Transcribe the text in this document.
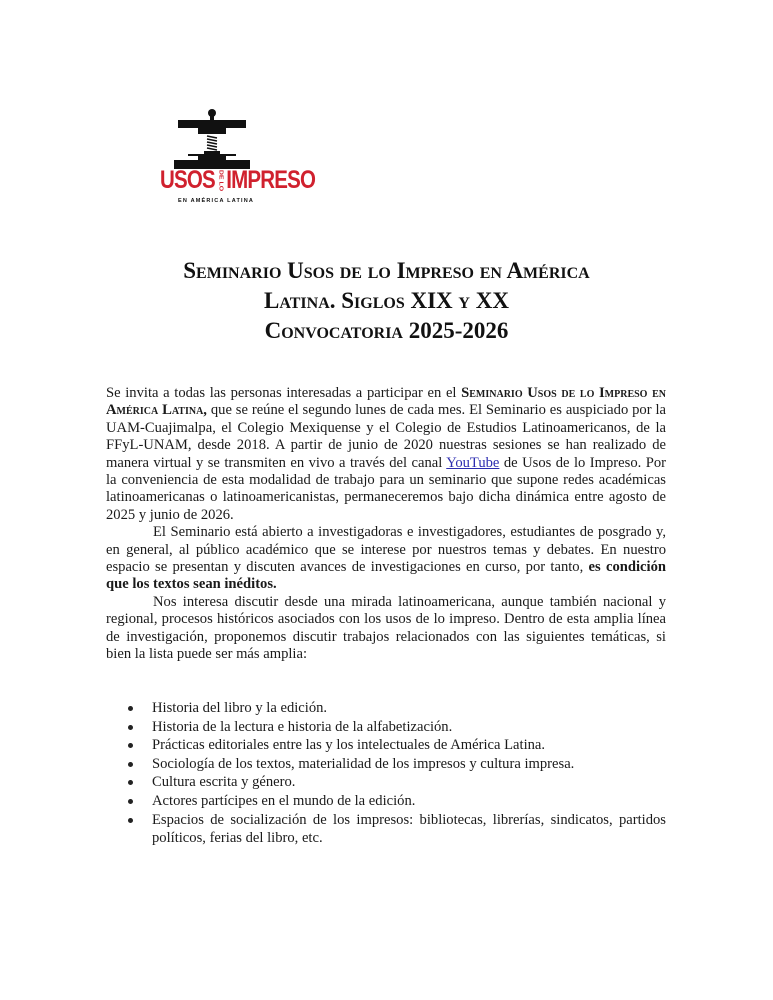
USOS DE LO IMPRESO
EN AMÉRICA LATINA
Seminario Usos de lo Impreso en América
Latina. Siglos XIX y XX
Convocatoria 2025-2026

Se invita a todas las personas interesadas a participar en el Seminario Usos de lo Impreso en América Latina, que se reúne el segundo lunes de cada mes. El Seminario es auspiciado por la UAM-Cuajimalpa, el Colegio Mexiquense y el Colegio de Estudios Latinoamericanos, de la FFyL-UNAM, desde 2018. A partir de junio de 2020 nuestras sesiones se han realizado de manera virtual y se transmiten en vivo a través del canal YouTube de Usos de lo Impreso. Por la conveniencia de esta modalidad de trabajo para un seminario que supone redes académicas latinoamericanas o latinoamericanistas, permaneceremos bajo dicha dinámica entre agosto de 2025 y junio de 2026.

El Seminario está abierto a investigadoras e investigadores, estudiantes de posgrado y, en general, al público académico que se interese por nuestros temas y debates. En nuestro espacio se presentan y discuten avances de investigaciones en curso, por tanto, es condición que los textos sean inéditos.

Nos interesa discutir desde una mirada latinoamericana, aunque también nacional y regional, procesos históricos asociados con los usos de lo impreso. Dentro de esta amplia línea de investigación, proponemos discutir trabajos relacionados con las siguientes temáticas, si bien la lista puede ser más amplia:

Historia del libro y la edición.
Historia de la lectura e historia de la alfabetización.
Prácticas editoriales entre las y los intelectuales de América Latina.
Sociología de los textos, materialidad de los impresos y cultura impresa.
Cultura escrita y género.
Actores partícipes en el mundo de la edición.
Espacios de socialización de los impresos: bibliotecas, librerías, sindicatos, partidos políticos, ferias del libro, etc.
